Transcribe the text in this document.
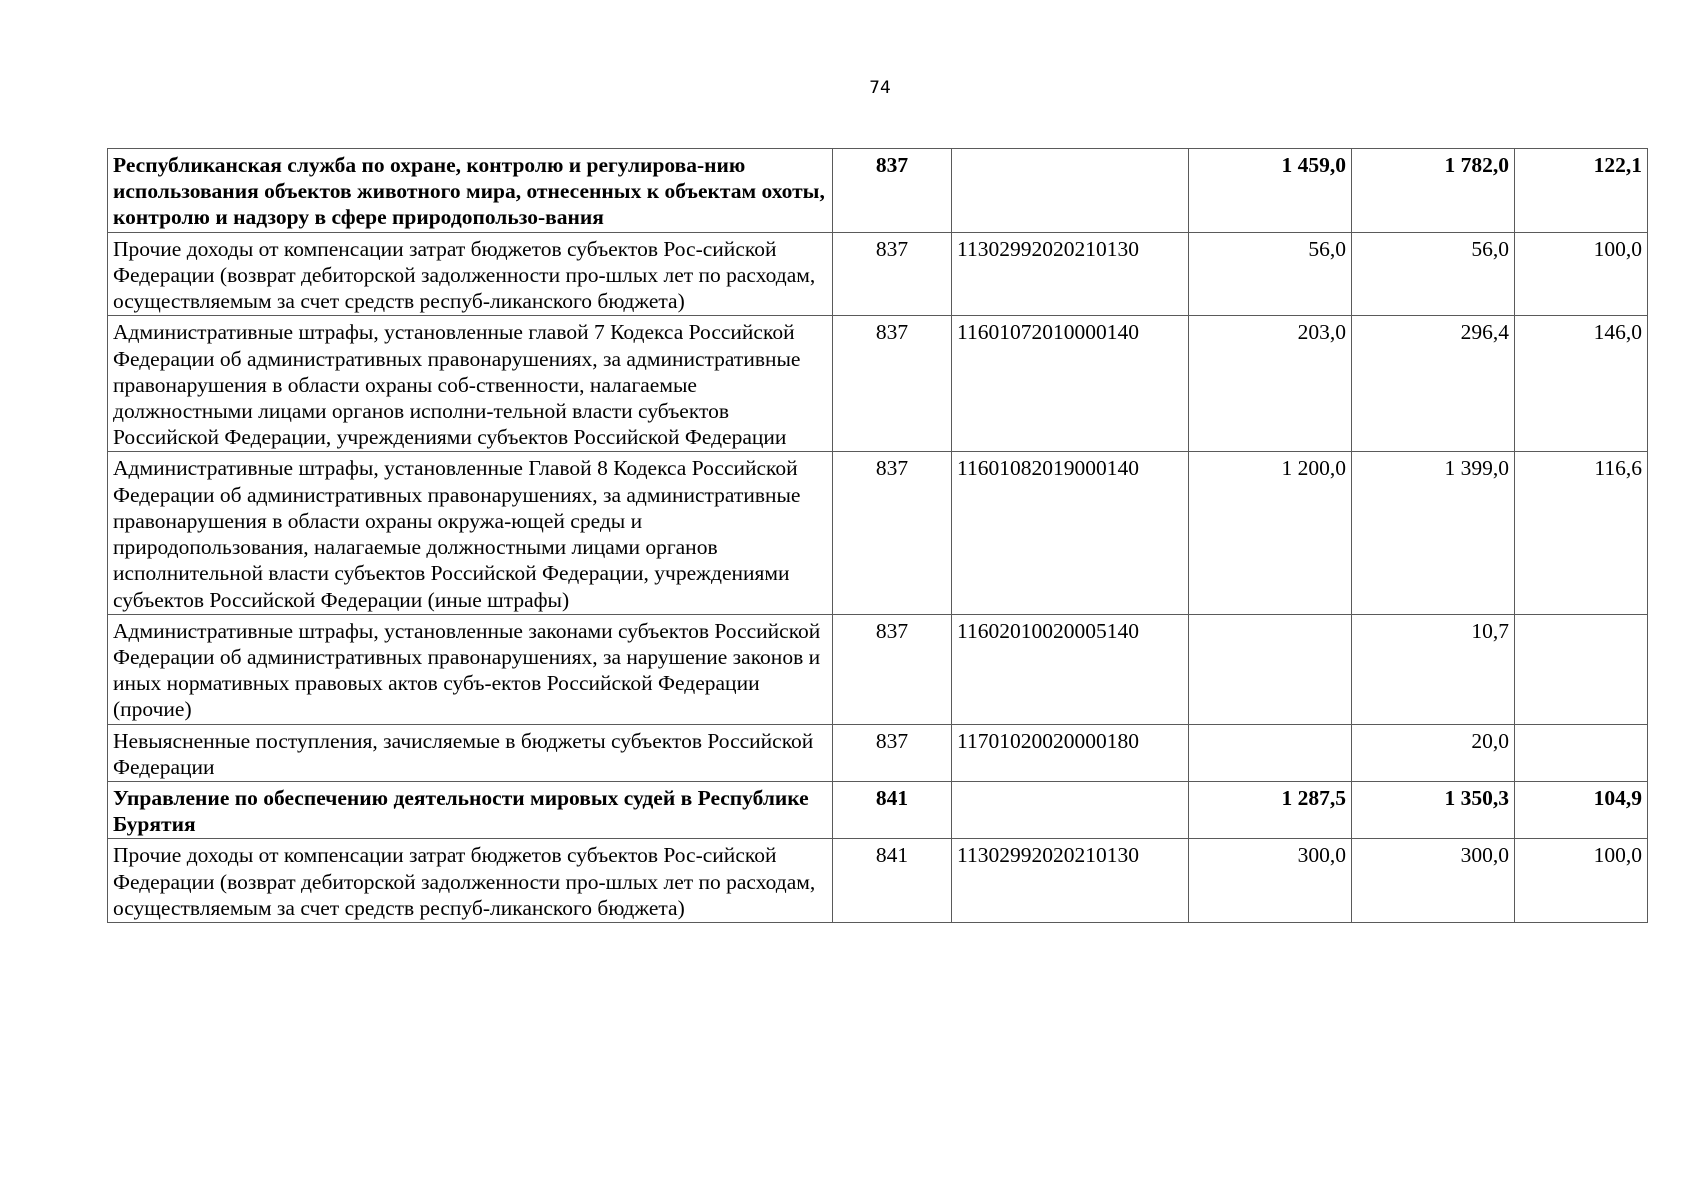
74
Республиканская служба по охране, контролю и регулирова-нию использования объектов животного мира, отнесенных к объектам охоты, контролю и надзору в сфере природопользо-вания	837		1 459,0	1 782,0	122,1
Прочие доходы от компенсации затрат бюджетов субъектов Рос-сийской Федерации (возврат дебиторской задолженности про-шлых лет по расходам, осуществляемым за счет средств респуб-ликанского бюджета)	837	11302992020210130	56,0	56,0	100,0
Административные штрафы, установленные главой 7 Кодекса Российской Федерации об административных правонарушениях, за административные правонарушения в области охраны соб-ственности, налагаемые должностными лицами органов исполни-тельной власти субъектов Российской Федерации, учреждениями субъектов Российской Федерации	837	11601072010000140	203,0	296,4	146,0
Административные штрафы, установленные Главой 8 Кодекса Российской Федерации об административных правонарушениях, за административные правонарушения в области охраны окружа-ющей среды и природопользования, налагаемые должностными лицами органов исполнительной власти субъектов Российской Федерации, учреждениями субъектов Российской Федерации (иные штрафы)	837	11601082019000140	1 200,0	1 399,0	116,6
Административные штрафы, установленные законами субъектов Российской Федерации об административных правонарушениях, за нарушение законов и иных нормативных правовых актов субъ-ектов Российской Федерации (прочие)	837	11602010020005140		10,7	
Невыясненные поступления, зачисляемые в бюджеты субъектов Российской Федерации	837	11701020020000180		20,0	
Управление по обеспечению деятельности мировых судей в Республике Бурятия	841		1 287,5	1 350,3	104,9
Прочие доходы от компенсации затрат бюджетов субъектов Рос-сийской Федерации (возврат дебиторской задолженности про-шлых лет по расходам, осуществляемым за счет средств респуб-ликанского бюджета)	841	11302992020210130	300,0	300,0	100,0
